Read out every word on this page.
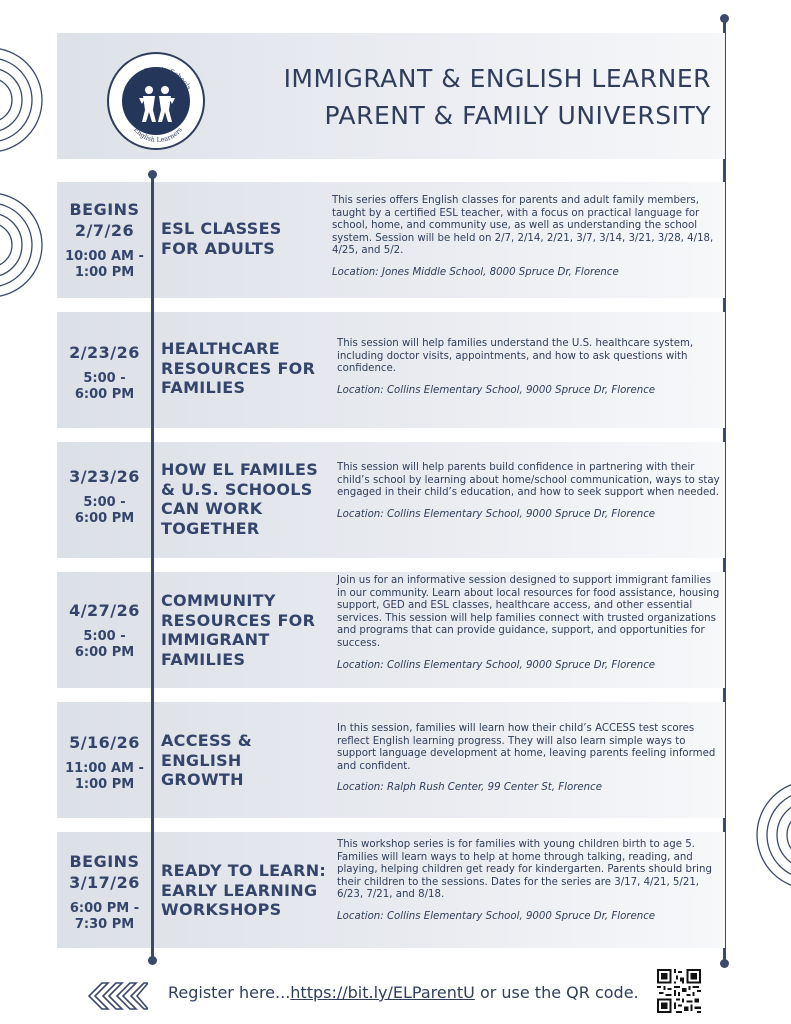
Boone County Schools
English Learners
IMMIGRANT & ENGLISH LEARNER
PARENT & FAMILY UNIVERSITY
BEGINS
2/7/26
10:00 AM -
1:00 PM
ESL CLASSES FOR ADULTS
This series offers English classes for parents and adult family members, taught by a certified ESL teacher, with a focus on practical language for school, home, and community use, as well as understanding the school system. Session will be held on 2/7, 2/14, 2/21, 3/7, 3/14, 3/21, 3/28, 4/18, 4/25, and 5/2.
Location: Jones Middle School, 8000 Spruce Dr, Florence
2/23/26
5:00 -
6:00 PM
HEALTHCARE RESOURCES FOR FAMILIES
This session will help families understand the U.S. healthcare system, including doctor visits, appointments, and how to ask questions with confidence.
Location: Collins Elementary School, 9000 Spruce Dr, Florence
3/23/26
5:00 -
6:00 PM
HOW EL FAMILES & U.S. SCHOOLS CAN WORK TOGETHER
This session will help parents build confidence in partnering with their child’s school by learning about home/school communication, ways to stay engaged in their child’s education, and how to seek support when needed.
Location: Collins Elementary School, 9000 Spruce Dr, Florence
4/27/26
5:00 -
6:00 PM
COMMUNITY RESOURCES FOR IMMIGRANT FAMILIES
Join us for an informative session designed to support immigrant families in our community. Learn about local resources for food assistance, housing support, GED and ESL classes, healthcare access, and other essential services. This session will help families connect with trusted organizations and programs that can provide guidance, support, and opportunities for success.
Location: Collins Elementary School, 9000 Spruce Dr, Florence
5/16/26
11:00 AM -
1:00 PM
ACCESS & ENGLISH GROWTH
In this session, families will learn how their child’s ACCESS test scores reflect English learning progress. They will also learn simple ways to support language development at home, leaving parents feeling informed and confident.
Location: Ralph Rush Center, 99 Center St, Florence
BEGINS
3/17/26
6:00 PM -
7:30 PM
READY TO LEARN: EARLY LEARNING WORKSHOPS
This workshop series is for families with young children birth to age 5. Families will learn ways to help at home through talking, reading, and playing, helping children get ready for kindergarten. Parents should bring their children to the sessions. Dates for the series are 3/17, 4/21, 5/21, 6/23, 7/21, and 8/18.
Location: Collins Elementary School, 9000 Spruce Dr, Florence
Register here...https://bit.ly/ELParentU or use the QR code.
